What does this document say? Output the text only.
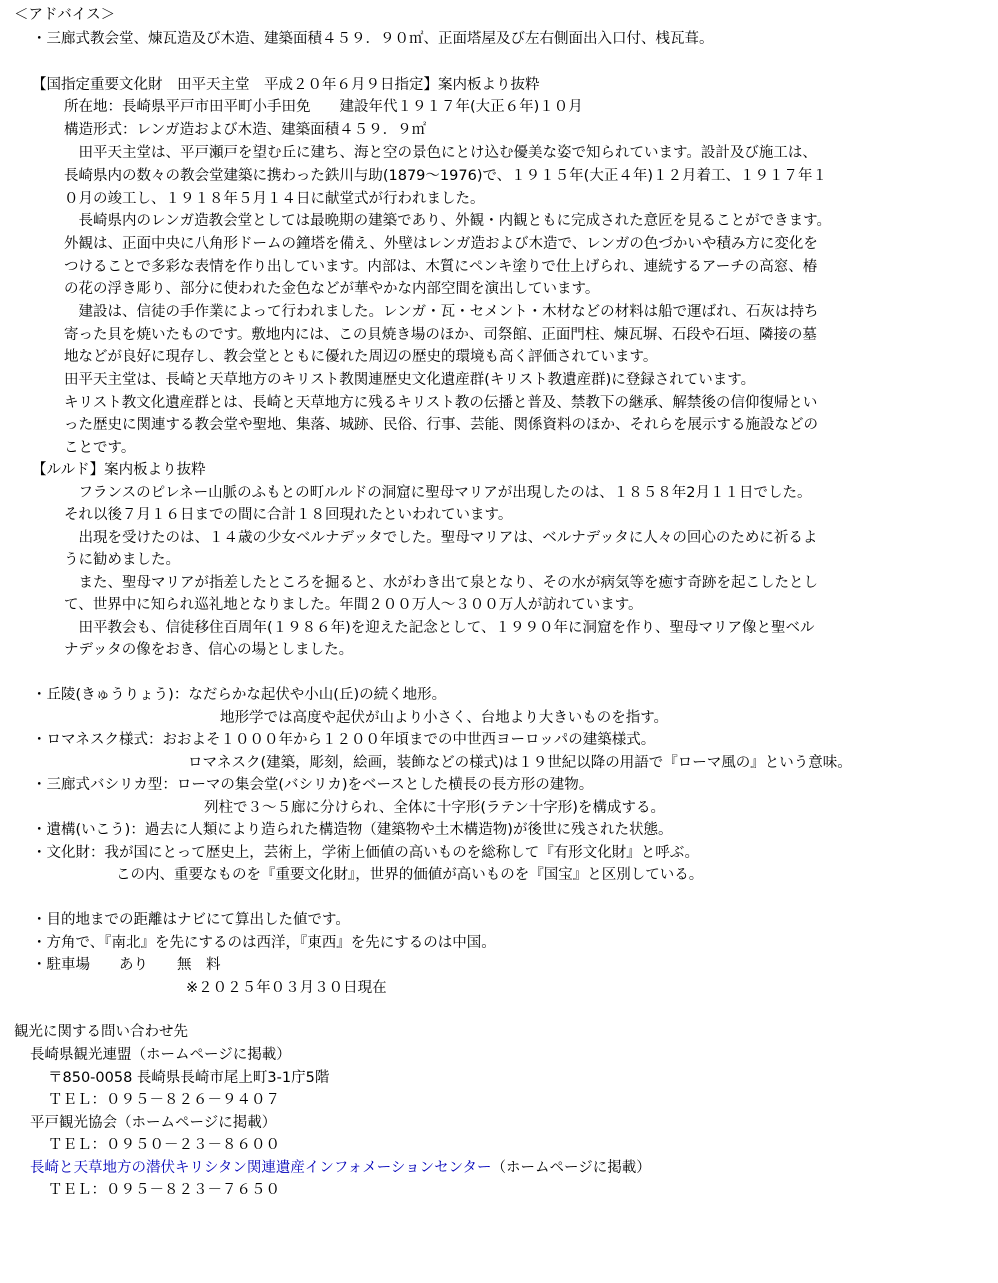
＜アドバイス＞
・三廊式教会堂、煉瓦造及び木造、建築面積４５９．９０㎡、正面塔屋及び左右側面出入口付、桟瓦葺。
【国指定重要文化財　田平天主堂　平成２０年６月９日指定】案内板より抜粋
所在地：長崎県平戸市田平町小手田免　　建設年代１９１７年(大正６年)１０月
構造形式：レンガ造および木造、建築面積４５９．９㎡
　田平天主堂は、平戸瀬戸を望む丘に建ち、海と空の景色にとけ込む優美な姿で知られています。設計及び施工は、
長崎県内の数々の教会堂建築に携わった鉄川与助(1879～1976)で、１９１５年(大正４年)１２月着工、１９１７年１
０月の竣工し、１９１８年５月１４日に献堂式が行われました。
　長崎県内のレンガ造教会堂としては最晩期の建築であり、外観・内観ともに完成された意匠を見ることができます。
外観は、正面中央に八角形ドームの鐘塔を備え、外壁はレンガ造および木造で、レンガの色づかいや積み方に変化を
つけることで多彩な表情を作り出しています。内部は、木質にペンキ塗りで仕上げられ、連続するアーチの高窓、椿
の花の浮き彫り、部分に使われた金色などが華やかな内部空間を演出しています。
　建設は、信徒の手作業によって行われました。レンガ・瓦・セメント・木材などの材料は船で運ばれ、石灰は持ち
寄った貝を焼いたものです。敷地内には、この貝焼き場のほか、司祭館、正面門柱、煉瓦塀、石段や石垣、隣接の墓
地などが良好に現存し、教会堂とともに優れた周辺の歴史的環境も高く評価されています。
田平天主堂は、長崎と天草地方のキリスト教関連歴史文化遺産群(キリスト教遺産群)に登録されています。
キリスト教文化遺産群とは、長崎と天草地方に残るキリスト教の伝播と普及、禁教下の継承、解禁後の信仰復帰とい
った歴史に関連する教会堂や聖地、集落、城跡、民俗、行事、芸能、関係資料のほか、それらを展示する施設などの
ことです。
【ルルド】案内板より抜粋
　フランスのピレネー山脈のふもとの町ルルドの洞窟に聖母マリアが出現したのは、１８５８年2月１１日でした。
それ以後７月１６日までの間に合計１８回現れたといわれています。
　出現を受けたのは、１４歳の少女ベルナデッタでした。聖母マリアは、ベルナデッタに人々の回心のために祈るよ
うに勧めました。
　また、聖母マリアが指差したところを掘ると、水がわき出て泉となり、その水が病気等を癒す奇跡を起こしたとし
て、世界中に知られ巡礼地となりました。年間２００万人～３００万人が訪れています。
　田平教会も、信徒移住百周年(１９８６年)を迎えた記念として、１９９０年に洞窟を作り、聖母マリア像と聖ベル
ナデッタの像をおき、信心の場としました。
・丘陵(きゅうりょう)：なだらかな起伏や小山(丘)の続く地形。
地形学では高度や起伏が山より小さく、台地より大きいものを指す。
・ロマネスク様式：おおよそ１０００年から１２００年頃までの中世西ヨーロッパの建築様式。
ロマネスク(建築，彫刻，絵画，装飾などの様式)は１９世紀以降の用語で『ローマ風の』という意味。
・三廊式バシリカ型：ローマの集会堂(バシリカ)をベースとした横長の長方形の建物。
列柱で３～５廊に分けられ、全体に十字形(ラテン十字形)を構成する。
・遺構(いこう)：過去に人類により造られた構造物（建築物や土木構造物)が後世に残された状態。
・文化財：我が国にとって歴史上，芸術上，学術上価値の高いものを総称して『有形文化財』と呼ぶ。
この内、重要なものを『重要文化財』，世界的価値が高いものを『国宝』と区別している。
・目的地までの距離はナビにて算出した値です。
・方角で、『南北』を先にするのは西洋，『東西』を先にするのは中国。
・駐車場　　あり　　無　料
※２０２５年０３月３０日現在
観光に関する問い合わせ先
長崎県観光連盟（ホームページに掲載）
〒850-0058 長崎県長崎市尾上町3-1庁5階
ＴＥＬ：０９５－８２６－９４０７
平戸観光協会（ホームページに掲載）
ＴＥＬ：０９５０－２３－８６００
長崎と天草地方の潜伏キリシタン関連遺産インフォメーションセンター（ホームページに掲載）
ＴＥＬ：０９５－８２３－７６５０
